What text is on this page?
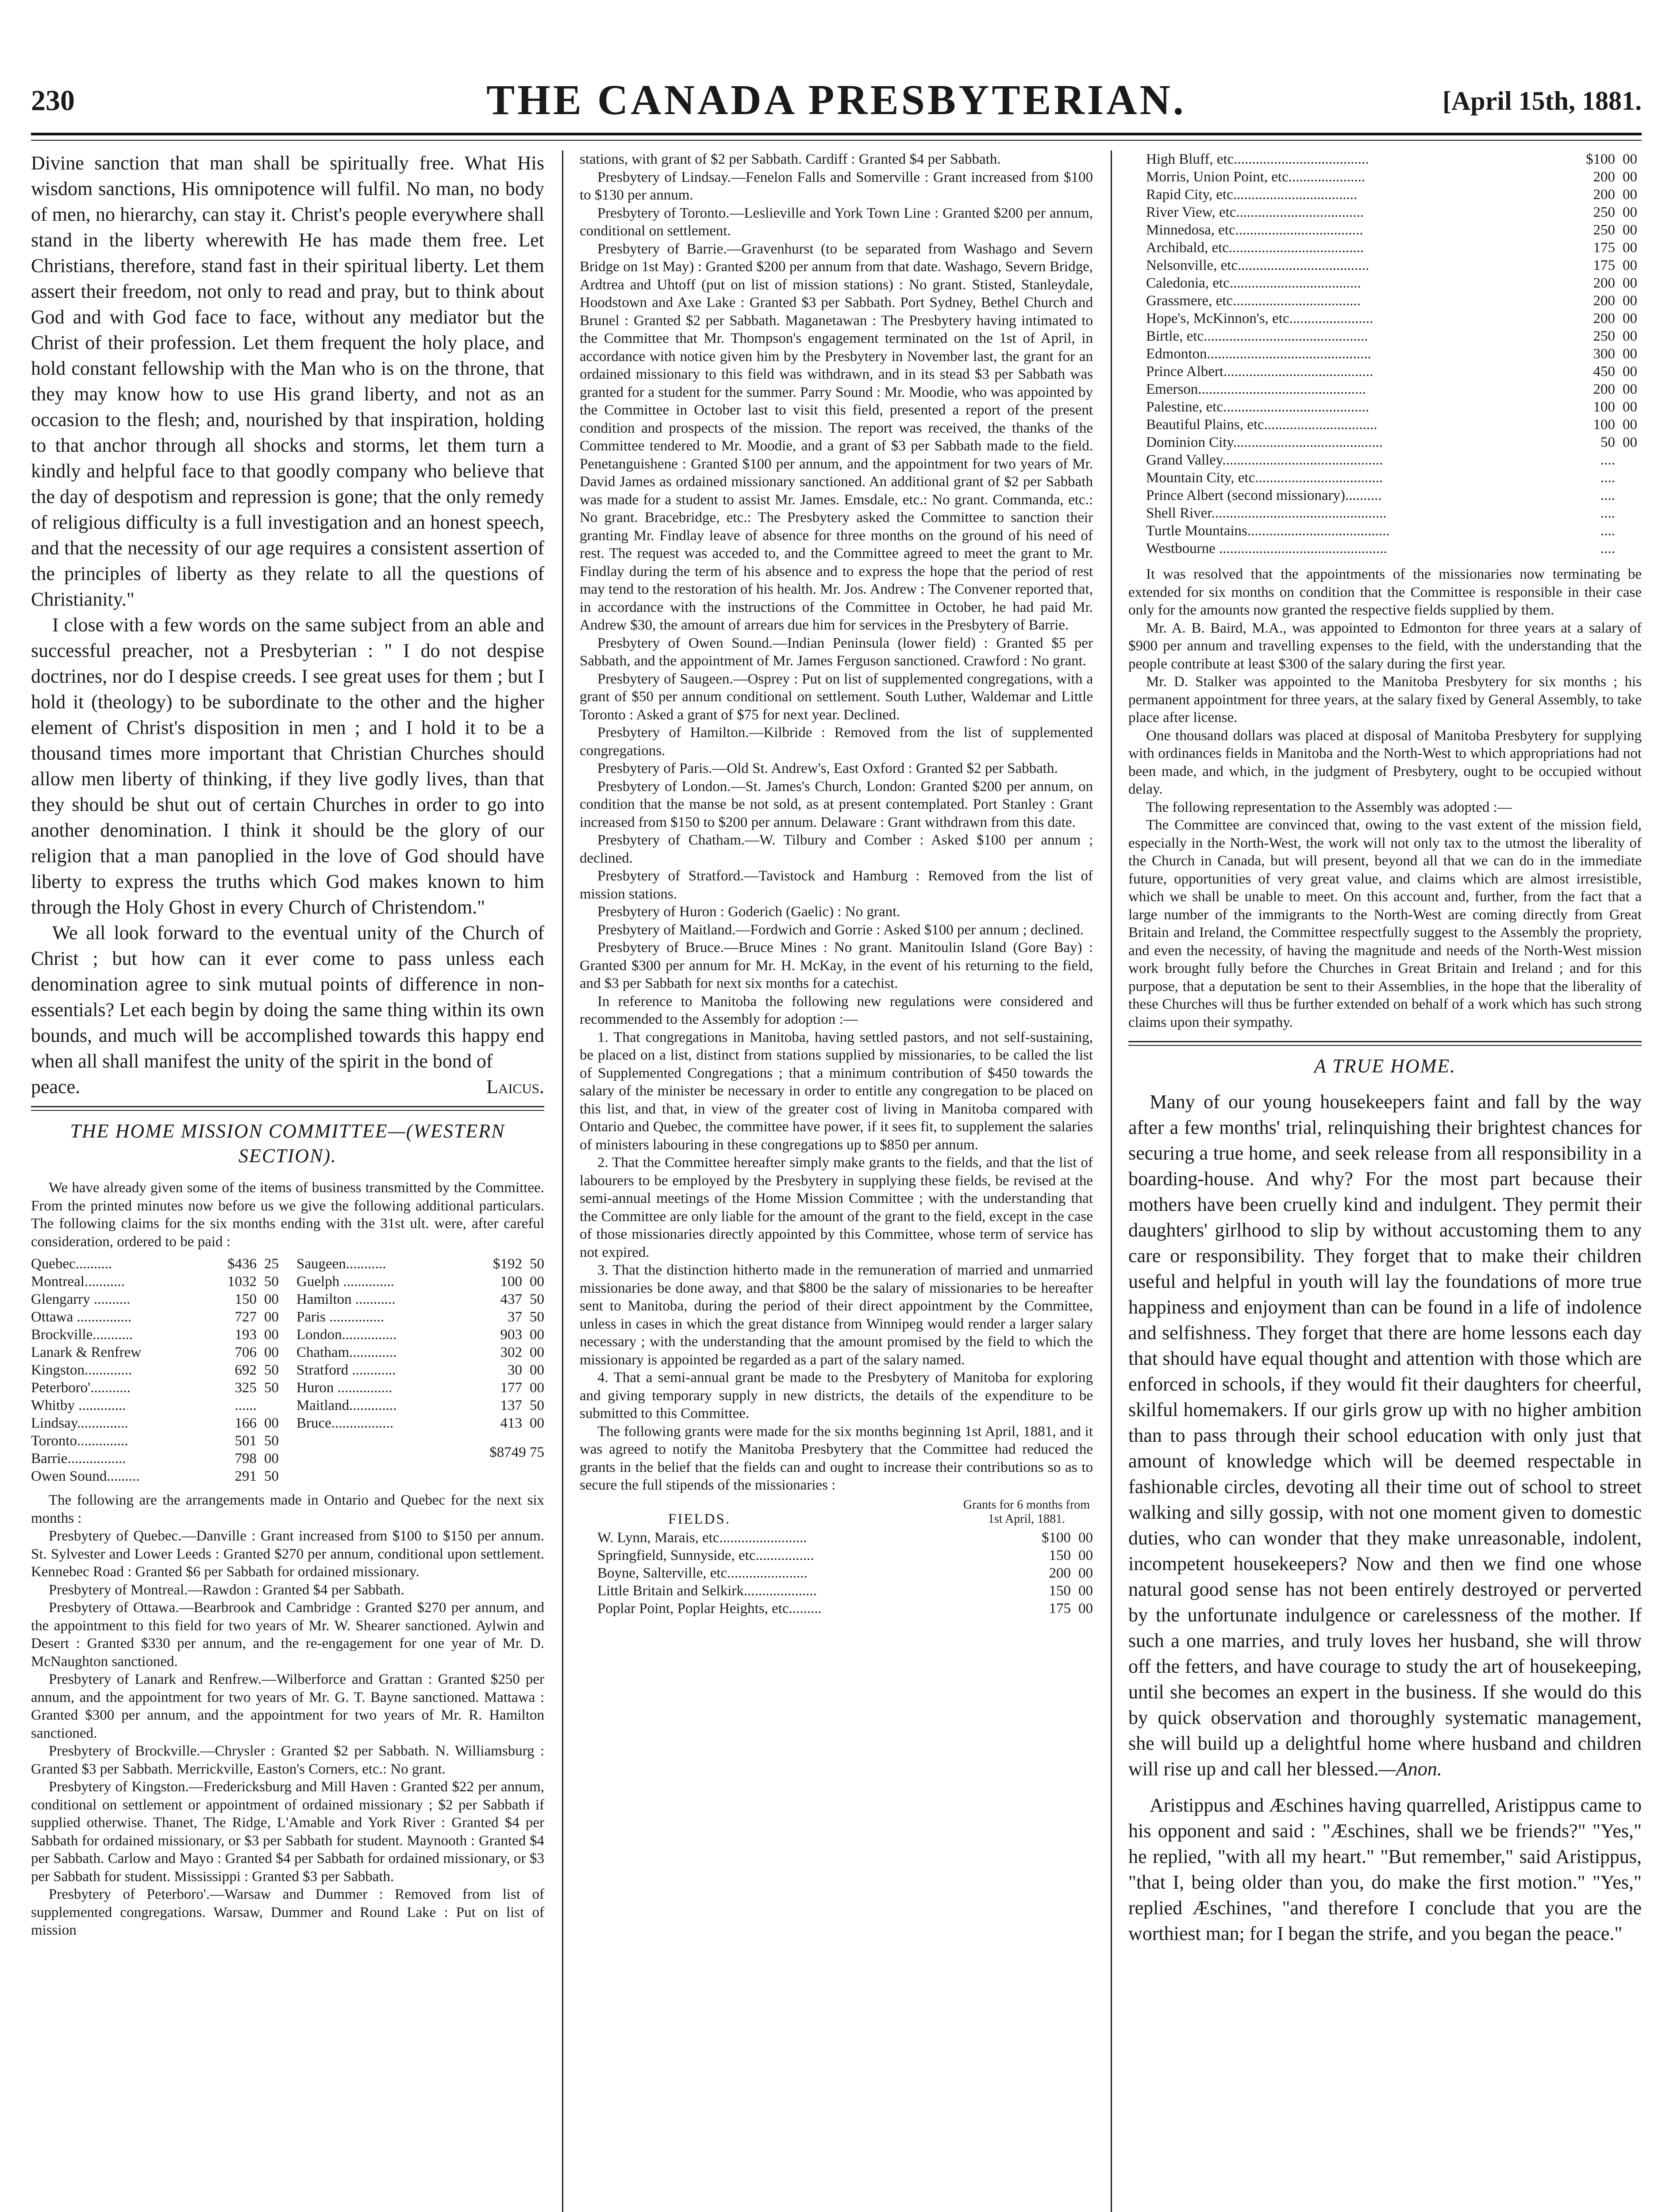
230	THE CANADA PRESBYTERIAN.	[April 15th, 1881.

Divine sanction that man shall be spiritually free. What His wisdom sanctions, His omnipotence will fulfil. No man, no body of men, no hierarchy, can stay it. Christ's people everywhere shall stand in the liberty wherewith He has made them free. Let Christians, therefore, stand fast in their spiritual liberty. Let them assert their freedom, not only to read and pray, but to think about God and with God face to face, without any mediator but the Christ of their profession. Let them frequent the holy place, and hold constant fellowship with the Man who is on the throne, that they may know how to use His grand liberty, and not as an occasion to the flesh; and, nourished by that inspiration, holding to that anchor through all shocks and storms, let them turn a kindly and helpful face to that goodly company who believe that the day of despotism and repression is gone; that the only remedy of religious difficulty is a full investigation and an honest speech, and that the necessity of our age requires a consistent assertion of the principles of liberty as they relate to all the questions of Christianity."

I close with a few words on the same subject from an able and successful preacher, not a Presbyterian : " I do not despise doctrines, nor do I despise creeds. I see great uses for them ; but I hold it (theology) to be subordinate to the other and the higher element of Christ's disposition in men ; and I hold it to be a thousand times more important that Christian Churches should allow men liberty of thinking, if they live godly lives, than that they should be shut out of certain Churches in order to go into another denomination. I think it should be the glory of our religion that a man panoplied in the love of God should have liberty to express the truths which God makes known to him through the Holy Ghost in every Church of Christendom."

We all look forward to the eventual unity of the Church of Christ ; but how can it ever come to pass unless each denomination agree to sink mutual points of difference in non-essentials? Let each begin by doing the same thing within its own bounds, and much will be accomplished towards this happy end when all shall manifest the unity of the spirit in the bond of

peace.	Laicus.
THE HOME MISSION COMMITTEE—(WESTERN SECTION).

We have already given some of the items of business transmitted by the Committee. From the printed minutes now before us we give the following additional particulars. The following claims for the six months ending with the 31st ult. were, after careful consideration, ordered to be paid :

Quebec..........	$436 25
Montreal...........	1032 50
Glengarry ..........	150 00
Ottawa ...............	727 00
Brockville...........	193 00
Lanark & Renfrew	706 00
Kingston.............	692 50
Peterboro'...........	325 50
Whitby .............	......
Lindsay..............	166 00
Toronto..............	501 50
Barrie................	798 00
Owen Sound.........	291 50
Saugeen...........	$192 50
Guelph ..............	100 00
Hamilton ...........	437 50
Paris ...............	37 50
London...............	903 00
Chatham.............	302 00
Stratford ............	30 00
Huron ...............	177 00
Maitland.............	137 50
Bruce.................	413 00
$8749 75

The following are the arrangements made in Ontario and Quebec for the next six months :

Presbytery of Quebec.—Danville : Grant increased from $100 to $150 per annum. St. Sylvester and Lower Leeds : Granted $270 per annum, conditional upon settlement. Kennebec Road : Granted $6 per Sabbath for ordained missionary.

Presbytery of Montreal.—Rawdon : Granted $4 per Sabbath.

Presbytery of Ottawa.—Bearbrook and Cambridge : Granted $270 per annum, and the appointment to this field for two years of Mr. W. Shearer sanctioned. Aylwin and Desert : Granted $330 per annum, and the re-engagement for one year of Mr. D. McNaughton sanctioned.

Presbytery of Lanark and Renfrew.—Wilberforce and Grattan : Granted $250 per annum, and the appointment for two years of Mr. G. T. Bayne sanctioned. Mattawa : Granted $300 per annum, and the appointment for two years of Mr. R. Hamilton sanctioned.

Presbytery of Brockville.—Chrysler : Granted $2 per Sabbath. N. Williamsburg : Granted $3 per Sabbath. Merrickville, Easton's Corners, etc.: No grant.

Presbytery of Kingston.—Fredericksburg and Mill Haven : Granted $22 per annum, conditional on settlement or appointment of ordained missionary ; $2 per Sabbath if supplied otherwise. Thanet, The Ridge, L'Amable and York River : Granted $4 per Sabbath for ordained missionary, or $3 per Sabbath for student. Maynooth : Granted $4 per Sabbath. Carlow and Mayo : Granted $4 per Sabbath for ordained missionary, or $3 per Sabbath for student. Mississippi : Granted $3 per Sabbath.

Presbytery of Peterboro'.—Warsaw and Dummer : Removed from list of supplemented congregations. Warsaw, Dummer and Round Lake : Put on list of mission

stations, with grant of $2 per Sabbath. Cardiff : Granted $4 per Sabbath.

Presbytery of Lindsay.—Fenelon Falls and Somerville : Grant increased from $100 to $130 per annum.

Presbytery of Toronto.—Leslieville and York Town Line : Granted $200 per annum, conditional on settlement.

Presbytery of Barrie.—Gravenhurst (to be separated from Washago and Severn Bridge on 1st May) : Granted $200 per annum from that date. Washago, Severn Bridge, Ardtrea and Uhtoff (put on list of mission stations) : No grant. Stisted, Stanleydale, Hoodstown and Axe Lake : Granted $3 per Sabbath. Port Sydney, Bethel Church and Brunel : Granted $2 per Sabbath. Maganetawan : The Presbytery having intimated to the Committee that Mr. Thompson's engagement terminated on the 1st of April, in accordance with notice given him by the Presbytery in November last, the grant for an ordained missionary to this field was withdrawn, and in its stead $3 per Sabbath was granted for a student for the summer. Parry Sound : Mr. Moodie, who was appointed by the Committee in October last to visit this field, presented a report of the present condition and prospects of the mission. The report was received, the thanks of the Committee tendered to Mr. Moodie, and a grant of $3 per Sabbath made to the field. Penetanguishene : Granted $100 per annum, and the appointment for two years of Mr. David James as ordained missionary sanctioned. An additional grant of $2 per Sabbath was made for a student to assist Mr. James. Emsdale, etc.: No grant. Commanda, etc.: No grant. Bracebridge, etc.: The Presbytery asked the Committee to sanction their granting Mr. Findlay leave of absence for three months on the ground of his need of rest. The request was acceded to, and the Committee agreed to meet the grant to Mr. Findlay during the term of his absence and to express the hope that the period of rest may tend to the restoration of his health. Mr. Jos. Andrew : The Convener reported that, in accordance with the instructions of the Committee in October, he had paid Mr. Andrew $30, the amount of arrears due him for services in the Presbytery of Barrie.

Presbytery of Owen Sound.—Indian Peninsula (lower field) : Granted $5 per Sabbath, and the appointment of Mr. James Ferguson sanctioned. Crawford : No grant.

Presbytery of Saugeen.—Osprey : Put on list of supplemented congregations, with a grant of $50 per annum conditional on settlement. South Luther, Waldemar and Little Toronto : Asked a grant of $75 for next year. Declined.

Presbytery of Hamilton.—Kilbride : Removed from the list of supplemented congregations.

Presbytery of Paris.—Old St. Andrew's, East Oxford : Granted $2 per Sabbath.

Presbytery of London.—St. James's Church, London: Granted $200 per annum, on condition that the manse be not sold, as at present contemplated. Port Stanley : Grant increased from $150 to $200 per annum. Delaware : Grant withdrawn from this date.

Presbytery of Chatham.—W. Tilbury and Comber : Asked $100 per annum ; declined.

Presbytery of Stratford.—Tavistock and Hamburg : Removed from the list of mission stations.

Presbytery of Huron : Goderich (Gaelic) : No grant.

Presbytery of Maitland.—Fordwich and Gorrie : Asked $100 per annum ; declined.

Presbytery of Bruce.—Bruce Mines : No grant. Manitoulin Island (Gore Bay) : Granted $300 per annum for Mr. H. McKay, in the event of his returning to the field, and $3 per Sabbath for next six months for a catechist.

In reference to Manitoba the following new regulations were considered and recommended to the Assembly for adoption :—

1. That congregations in Manitoba, having settled pastors, and not self-sustaining, be placed on a list, distinct from stations supplied by missionaries, to be called the list of Supplemented Congregations ; that a minimum contribution of $450 towards the salary of the minister be necessary in order to entitle any congregation to be placed on this list, and that, in view of the greater cost of living in Manitoba compared with Ontario and Quebec, the committee have power, if it sees fit, to supplement the salaries of ministers labouring in these congregations up to $850 per annum.

2. That the Committee hereafter simply make grants to the fields, and that the list of labourers to be employed by the Presbytery in supplying these fields, be revised at the semi-annual meetings of the Home Mission Committee ; with the understanding that the Committee are only liable for the amount of the grant to the field, except in the case of those missionaries directly appointed by this Committee, whose term of service has not expired.

3. That the distinction hitherto made in the remuneration of married and unmarried missionaries be done away, and that $800 be the salary of missionaries to be hereafter sent to Manitoba, during the period of their direct appointment by the Committee, unless in cases in which the great distance from Winnipeg would render a larger salary necessary ; with the understanding that the amount promised by the field to which the missionary is appointed be regarded as a part of the salary named.

4. That a semi-annual grant be made to the Presbytery of Manitoba for exploring and giving temporary supply in new districts, the details of the expenditure to be submitted to this Committee.

The following grants were made for the six months beginning 1st April, 1881, and it was agreed to notify the Manitoba Presbytery that the Committee had reduced the grants in the belief that the fields can and ought to increase their contributions so as to secure the full stipends of the missionaries :

FIELDS.
Grants for 6 months from 1st April, 1881.
W. Lynn, Marais, etc........................	$100 00
Springfield, Sunnyside, etc................	150 00
Boyne, Salterville, etc......................	200 00
Little Britain and Selkirk....................	150 00
Poplar Point, Poplar Heights, etc.........	175 00
High Bluff, etc.....................................	$100 00
Morris, Union Point, etc.....................	200 00
Rapid City, etc..................................	200 00
River View, etc...................................	250 00
Minnedosa, etc...................................	250 00
Archibald, etc.....................................	175 00
Nelsonville, etc....................................	175 00
Caledonia, etc....................................	200 00
Grassmere, etc...................................	200 00
Hope's, McKinnon's, etc.......................	200 00
Birtle, etc.............................................	250 00
Edmonton.............................................	300 00
Prince Albert.........................................	450 00
Emerson..............................................	200 00
Palestine, etc........................................	100 00
Beautiful Plains, etc...............................	100 00
Dominion City.........................................	50 00
Grand Valley............................................	....
Mountain City, etc...................................	....
Prince Albert (second missionary)..........	....
Shell River................................................	....
Turtle Mountains.......................................	....
Westbourne ..............................................	....

It was resolved that the appointments of the missionaries now terminating be extended for six months on condition that the Committee is responsible in their case only for the amounts now granted the respective fields supplied by them.

Mr. A. B. Baird, M.A., was appointed to Edmonton for three years at a salary of $900 per annum and travelling expenses to the field, with the understanding that the people contribute at least $300 of the salary during the first year.

Mr. D. Stalker was appointed to the Manitoba Presbytery for six months ; his permanent appointment for three years, at the salary fixed by General Assembly, to take place after license.

One thousand dollars was placed at disposal of Manitoba Presbytery for supplying with ordinances fields in Manitoba and the North-West to which appropriations had not been made, and which, in the judgment of Presbytery, ought to be occupied without delay.

The following representation to the Assembly was adopted :—

The Committee are convinced that, owing to the vast extent of the mission field, especially in the North-West, the work will not only tax to the utmost the liberality of the Church in Canada, but will present, beyond all that we can do in the immediate future, opportunities of very great value, and claims which are almost irresistible, which we shall be unable to meet. On this account and, further, from the fact that a large number of the immigrants to the North-West are coming directly from Great Britain and Ireland, the Committee respectfully suggest to the Assembly the propriety, and even the necessity, of having the magnitude and needs of the North-West mission work brought fully before the Churches in Great Britain and Ireland ; and for this purpose, that a deputation be sent to their Assemblies, in the hope that the liberality of these Churches will thus be further extended on behalf of a work which has such strong claims upon their sympathy.

A TRUE HOME.

Many of our young housekeepers faint and fall by the way after a few months' trial, relinquishing their brightest chances for securing a true home, and seek release from all responsibility in a boarding-house. And why? For the most part because their mothers have been cruelly kind and indulgent. They permit their daughters' girlhood to slip by without accustoming them to any care or responsibility. They forget that to make their children useful and helpful in youth will lay the foundations of more true happiness and enjoyment than can be found in a life of indolence and selfishness. They forget that there are home lessons each day that should have equal thought and attention with those which are enforced in schools, if they would fit their daughters for cheerful, skilful homemakers. If our girls grow up with no higher ambition than to pass through their school education with only just that amount of knowledge which will be deemed respectable in fashionable circles, devoting all their time out of school to street walking and silly gossip, with not one moment given to domestic duties, who can wonder that they make unreasonable, indolent, incompetent housekeepers? Now and then we find one whose natural good sense has not been entirely destroyed or perverted by the unfortunate indulgence or carelessness of the mother. If such a one marries, and truly loves her husband, she will throw off the fetters, and have courage to study the art of housekeeping, until she becomes an expert in the business. If she would do this by quick observation and thoroughly systematic management, she will build up a delightful home where husband and children will rise up and call her blessed.—Anon.

Aristippus and Æschines having quarrelled, Aristippus came to his opponent and said : "Æschines, shall we be friends?" "Yes," he replied, "with all my heart." "But remember," said Aristippus, "that I, being older than you, do make the first motion." "Yes," replied Æschines, "and therefore I conclude that you are the worthiest man; for I began the strife, and you began the peace."
